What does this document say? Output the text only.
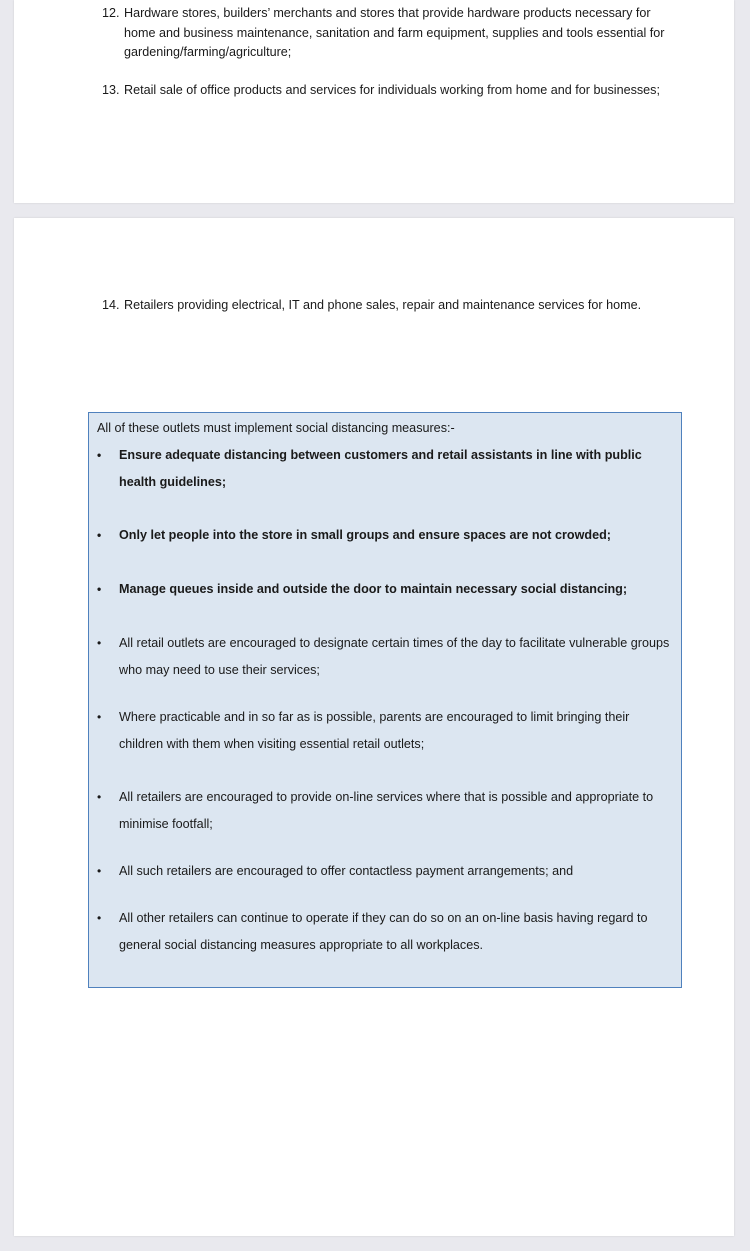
12. Hardware stores, builders’ merchants and stores that provide hardware products necessary for home and business maintenance, sanitation and farm equipment, supplies and tools essential for gardening/farming/agriculture;
13. Retail sale of office products and services for individuals working from home and for businesses;
14. Retailers providing electrical, IT and phone sales, repair and maintenance services for home.
All of these outlets must implement social distancing measures:-
• Ensure adequate distancing between customers and retail assistants in line with public health guidelines;
• Only let people into the store in small groups and ensure spaces are not crowded;
• Manage queues inside and outside the door to maintain necessary social distancing;
• All retail outlets are encouraged to designate certain times of the day to facilitate vulnerable groups who may need to use their services;
• Where practicable and in so far as is possible, parents are encouraged to limit bringing their children with them when visiting essential retail outlets;
• All retailers are encouraged to provide on-line services where that is possible and appropriate to minimise footfall;
• All such retailers are encouraged to offer contactless payment arrangements; and
• All other retailers can continue to operate if they can do so on an on-line basis having regard to general social distancing measures appropriate to all workplaces.
